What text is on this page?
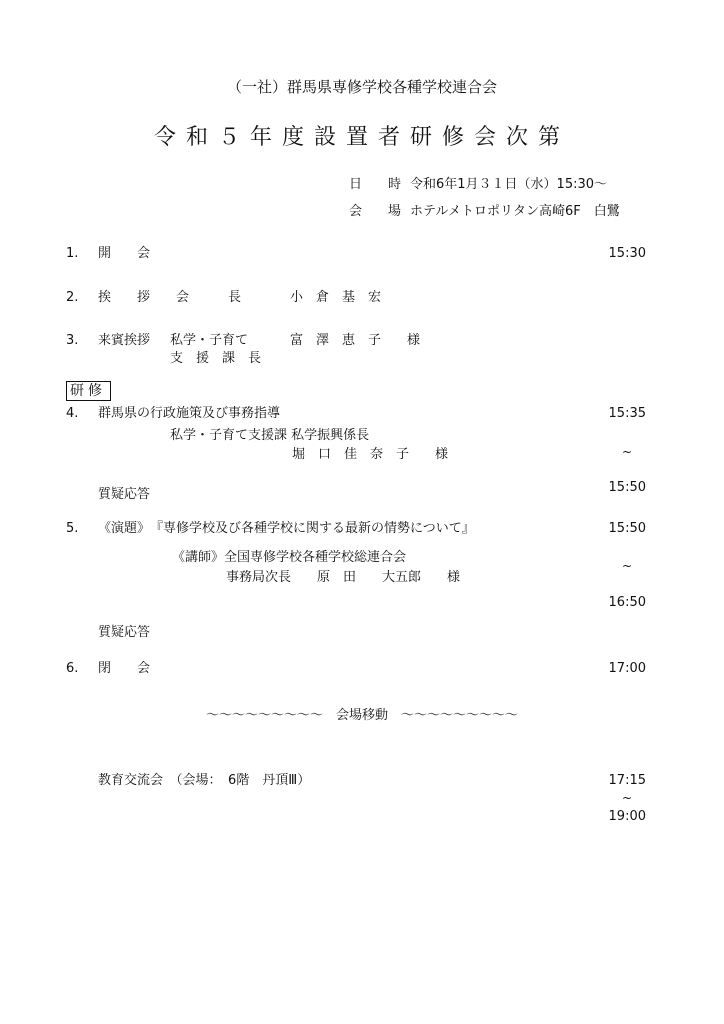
（一社）群馬県専修学校各種学校連合会
令和５年度設置者研修会次第
日　　時 令和6年1月３１日（水）15:30～
会　　場 ホテルメトロポリタン高崎6F　白鷺
1. 開　　会	15:30
2. 挨　　拶　　会　　　長	小　倉　基　宏
3. 来賓挨拶 私学・子育て	富　澤　恵　子　　様
支　援　課　長
研修
4. 群馬県の行政施策及び事務指導	15:35
私学・子育て支援課 私学振興係長
堀　口　佳　奈　子　　様	~
15:50
質疑応答
5. 《演題》　『専修学校及び各種学校に関する最新の情勢について』	15:50
《講師》全国専修学校各種学校総連合会
事務局次長　　原　田　　大五郎　　様
~
16:50
質疑応答
6. 閉　　会	17:00
～～～～～～～～～　会場移動　～～～～～～～～～
教育交流会　（会場：　6階　丹頂Ⅲ）	17:15
~
19:00
